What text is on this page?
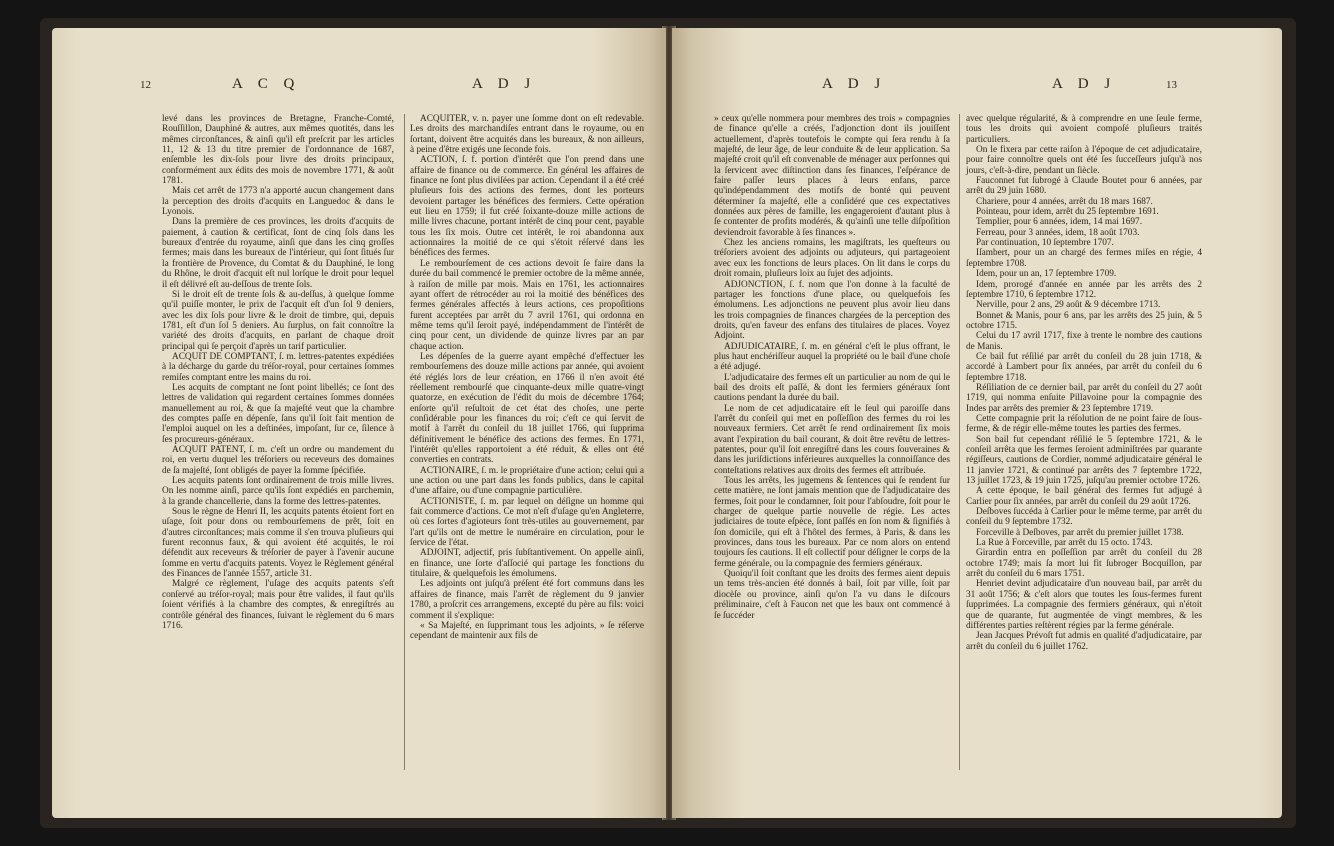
12	A C Q	A D J

levé dans les provinces de Bretagne, Franche-Comté, Rouſſillon, Dauphiné & autres, aux mêmes quotités, dans les mêmes circonſtances, & ainſi qu'il eſt preſcrit par les articles 11, 12 & 13 du titre premier de l'ordonnance de 1687, enſemble les dix-ſols pour livre des droits principaux, conformément aux édits des mois de novembre 1771, & août 1781.

Mais cet arrêt de 1773 n'a apporté aucun changement dans la perception des droits d'acquits en Languedoc & dans le Lyonois.

Dans la première de ces provinces, les droits d'acquits de paiement, à caution & certificat, ſont de cinq ſols dans les bureaux d'entrée du royaume, ainſi que dans les cinq groſſes fermes; mais dans les bureaux de l'intérieur, qui ſont ſitués ſur la frontière de Provence, du Comtat & du Dauphiné, le long du Rhône, le droit d'acquit eſt nul lorſque le droit pour lequel il eſt délivré eſt au-deſſous de trente ſols.

Si le droit eſt de trente ſols & au-deſſus, à quelque ſomme qu'il puiſſe monter, le prix de l'acquit eſt d'un ſol 9 deniers, avec les dix ſols pour livre & le droit de timbre, qui, depuis 1781, eſt d'un ſol 5 deniers. Au ſurplus, on fait connoître la variété des droits d'acquits, en parlant de chaque droit principal qui ſe perçoit d'après un tarif particulier.

ACQUIT DE COMPTANT, ſ. m. lettres-patentes expédiées à la décharge du garde du tréſor-royal, pour certaines ſommes remiſes comptant entre les mains du roi.

Les acquits de comptant ne ſont point libellés; ce ſont des lettres de validation qui regardent certaines ſommes données manuellement au roi, & que ſa majeſté veut que la chambre des comptes paſſe en dépenſe, ſans qu'il ſoit fait mention de l'emploi auquel on les a deſtinées, impoſant, ſur ce, ſilence à ſes procureurs-généraux.

ACQUIT PATENT, ſ. m. c'eſt un ordre ou mandement du roi, en vertu duquel les tréſoriers ou receveurs des domaines de ſa majeſté, ſont obligés de payer la ſomme ſpécifiée.

Les acquits patents ſont ordinairement de trois mille livres. On les nomme ainſi, parce qu'ils ſont expédiés en parchemin, à la grande chancellerie, dans la forme des lettres-patentes.

Sous le règne de Henri II, les acquits patents étoient fort en uſage, ſoit pour dons ou rembourſemens de prêt, ſoit en d'autres circonſtances; mais comme il s'en trouva pluſieurs qui furent reconnus faux, & qui avoient été acquités, le roi défendit aux receveurs & tréſorier de payer à l'avenir aucune ſomme en vertu d'acquits patents. Voyez le Règlement général des Finances de l'année 1557, article 31.

Malgré ce règlement, l'uſage des acquits patents s'eſt conſervé au tréſor-royal; mais pour être valides, il faut qu'ils ſoient vérifiés à la chambre des comptes, & enregiſtrés au contrôle général des finances, ſuivant le règlement du 6 mars 1716.

ACQUITER, v. n. payer une ſomme dont on eſt redevable. Les droits des marchandiſes entrant dans le royaume, ou en ſortant, doivent être acquités dans les bureaux, & non ailleurs, à peine d'être exigés une ſeconde fois.

ACTION, ſ. f. portion d'intérêt que l'on prend dans une affaire de finance ou de commerce. En général les affaires de finance ne ſont plus diviſées par action. Cependant il a été créé pluſieurs fois des actions des fermes, dont les porteurs devoient partager les bénéfices des fermiers. Cette opération eut lieu en 1759; il fut créé ſoixante-douze mille actions de mille livres chacune, portant intérêt de cinq pour cent, payable tous les ſix mois. Outre cet intérêt, le roi abandonna aux actionnaires la moitié de ce qui s'étoit réſervé dans les bénéfices des fermes.

Le rembourſement de ces actions devoit ſe faire dans la durée du bail commencé le premier octobre de la même année, à raiſon de mille par mois. Mais en 1761, les actionnaires ayant offert de rétrocéder au roi la moitié des bénéfices des fermes générales affectés à leurs actions, ces propoſitions furent acceptées par arrêt du 7 avril 1761, qui ordonna en même tems qu'il ſeroit payé, indépendamment de l'intérêt de cinq pour cent, un dividende de quinze livres par an par chaque action.

Les dépenſes de la guerre ayant empêché d'effectuer les rembourſemens des douze mille actions par année, qui avoient été réglés lors de leur création, en 1766 il n'en avoit été réellement rembourſé que cinquante-deux mille quatre-vingt quatorze, en exécution de l'édit du mois de décembre 1764; enſorte qu'il reſultoit de cet état des choſes, une perte conſidérable pour les finances du roi; c'eſt ce qui ſervit de motif à l'arrêt du conſeil du 18 juillet 1766, qui ſupprima définitivement le bénéfice des actions des fermes. En 1771, l'intérêt qu'elles rapportoient a été réduit, & elles ont été converties en contrats.

ACTIONAIRE, ſ. m. le propriétaire d'une action; celui qui a une action ou une part dans les fonds publics, dans le capital d'une affaire, ou d'une compagnie particulière.

ACTIONISTE, ſ. m. par lequel on déſigne un homme qui fait commerce d'actions. Ce mot n'eſt d'uſage qu'en Angleterre, où ces ſortes d'agioteurs ſont très-utiles au gouvernement, par l'art qu'ils ont de mettre le numéraire en circulation, pour le ſervice de l'état.

ADJOINT, adjectif, pris ſubſtantivement. On appelle ainſi, en finance, une ſorte d'aſſocié qui partage les fonctions du titulaire, & quelquefois les émolumens.

Les adjoints ont juſqu'à préſent été fort communs dans les affaires de finance, mais l'arrêt de règlement du 9 janvier 1780, a proſcrit ces arrangemens, excepté du père au fils: voici comment il s'explique:

« Sa Majeſté, en ſupprimant tous les adjoints, » ſe réſerve cependant de maintenir aux fils de

A D J	A D J	13

» ceux qu'elle nommera pour membres des trois » compagnies de finance qu'elle a créés, l'adjonction dont ils jouiſſent actuellement, d'après toutefois le compte qui ſera rendu à ſa majeſté, de leur âge, de leur conduite & de leur application. Sa majeſté croit qu'il eſt convenable de ménager aux perſonnes qui la ſervicent avec diſtinction dans ſes finances, l'eſpérance de faire paſſer leurs places à leurs enfans, parce qu'indépendamment des motifs de bonté qui peuvent déterminer ſa majeſté, elle a conſidéré que ces expectatives données aux pères de famille, les engageroient d'autant plus à ſe contenter de profits modérés, & qu'ainſi une telle diſpoſition deviendroit favorable à ſes finances ».

Chez les anciens romains, les magiſtrats, les queſteurs ou tréſoriers avoient des adjoints ou adjuteurs, qui partageoient avec eux les fonctions de leurs places. On lit dans le corps du droit romain, pluſieurs loix au ſujet des adjoints.

ADJONCTION, ſ. f. nom que l'on donne à la faculté de partager les fonctions d'une place, ou quelquefois ſes émolumens. Les adjonctions ne peuvent plus avoir lieu dans les trois compagnies de finances chargées de la perception des droits, qu'en faveur des enfans des titulaires de places. Voyez Adjoint.

ADJUDICATAIRE, ſ. m. en général c'eſt le plus offrant, le plus haut enchériſſeur auquel la propriété ou le bail d'une choſe a été adjugé.

L'adjudicataire des fermes eſt un particulier au nom de qui le bail des droits eſt paſſé, & dont les fermiers généraux ſont cautions pendant la durée du bail.

Le nom de cet adjudicataire eſt le ſeul qui paroiſſe dans l'arrêt du conſeil qui met en poſſeſſion des fermes du roi les nouveaux fermiers. Cet arrêt ſe rend ordinairement ſix mois avant l'expiration du bail courant, & doit être revêtu de lettres-patentes, pour qu'il ſoit enregiſtré dans les cours ſouveraines & dans les juriſdictions inférieures auxquelles la connoiſſance des conteſtations relatives aux droits des fermes eſt attribuée.

Tous les arrêts, les jugemens & ſentences qui ſe rendent ſur cette matière, ne ſont jamais mention que de l'adjudicataire des fermes, ſoit pour le condamner, ſoit pour l'abſoudre, ſoit pour le charger de quelque partie nouvelle de régie. Les actes judiciaires de toute eſpèce, ſont paſſés en ſon nom & ſignifiés à ſon domicile, qui eſt à l'hôtel des fermes, à Paris, & dans les provinces, dans tous les bureaux. Par ce nom alors on entend toujours ſes cautions. Il eſt collectif pour déſigner le corps de la ferme générale, ou la compagnie des fermiers généraux.

Quoiqu'il ſoit conſtant que les droits des fermes aient depuis un tems très-ancien été donnés à bail, ſoit par ville, ſoit par diocèſe ou province, ainſi qu'on l'a vu dans le diſcours préliminaire, c'eſt à Faucon net que les baux ont commencé à ſe ſuccéder

avec quelque régularité, & à comprendre en une ſeule ferme, tous les droits qui avoient compoſé pluſieurs traités particuliers.

On le fixera par cette raiſon à l'époque de cet adjudicataire, pour faire connoître quels ont été ſes ſucceſſeurs juſqu'à nos jours, c'eſt-à-dire, pendant un ſiècle.

Fauconnet fut ſubrogé à Claude Boutet pour 6 années, par arrêt du 29 juin 1680.

Chariere, pour 4 années, arrêt du 18 mars 1687.

Pointeau, pour idem, arrêt du 25 ſeptembre 1691.

Templier, pour 6 années, idem, 14 mai 1697.

Ferreau, pour 3 années, idem, 18 août 1703.

Par continuation, 10 ſeptembre 1707.

Iſambert, pour un an chargé des fermes miſes en régie, 4 ſeptembre 1708.

Idem, pour un an, 17 ſeptembre 1709.

Idem, prorogé d'année en année par les arrêts des 2 ſeptembre 1710, 6 ſeptembre 1712.

Nerville, pour 2 ans, 29 août & 9 décembre 1713.

Bonnet & Manis, pour 6 ans, par les arrêts des 25 juin, & 5 octobre 1715.

Celui du 17 avril 1717, fixe à trente le nombre des cautions de Manis.

Ce bail fut réſilié par arrêt du conſeil du 28 juin 1718, & accordé à Lambert pour ſix années, par arrêt du conſeil du 6 ſeptembre 1718.

Réſiliation de ce dernier bail, par arrêt du conſeil du 27 août 1719, qui nomma enſuite Pillavoine pour la compagnie des Indes par arrêts des premier & 23 ſeptembre 1719.

Cette compagnie prit la réſolution de ne point faire de ſous-ferme, & de régir elle-même toutes les parties des fermes.

Son bail fut cependant réſilié le 5 ſeptembre 1721, & le conſeil arrêta que les fermes ſeroient adminiſtrées par quarante régiſſeurs, cautions de Cordier, nommé adjudicataire général le 11 janvier 1721, & continué par arrêts des 7 ſeptembre 1722, 13 juillet 1723, & 19 juin 1725, juſqu'au premier octobre 1726.

A cette époque, le bail général des fermes fut adjugé à Carlier pour ſix années, par arrêt du conſeil du 29 août 1726.

Deſboves ſuccéda à Carlier pour le même terme, par arrêt du conſeil du 9 ſeptembre 1732.

Forceville à Deſboves, par arrêt du premier juillet 1738.

La Rue à Forceville, par arrêt du 15 octo. 1743.

Girardin entra en poſſeſſion par arrêt du conſeil du 28 octobre 1749; mais ſa mort lui fit ſubroger Bocquillon, par arrêt du conſeil du 6 mars 1751.

Henriet devint adjudicataire d'un nouveau bail, par arrêt du 31 août 1756; & c'eſt alors que toutes les ſous-fermes furent ſupprimées. La compagnie des fermiers généraux, qui n'étoit que de quarante, fut augmentée de vingt membres, & les différentes parties reſtèrent régies par la ferme générale.

Jean Jacques Prévoſt fut admis en qualité d'adjudicataire, par arrêt du conſeil du 6 juillet 1762.
